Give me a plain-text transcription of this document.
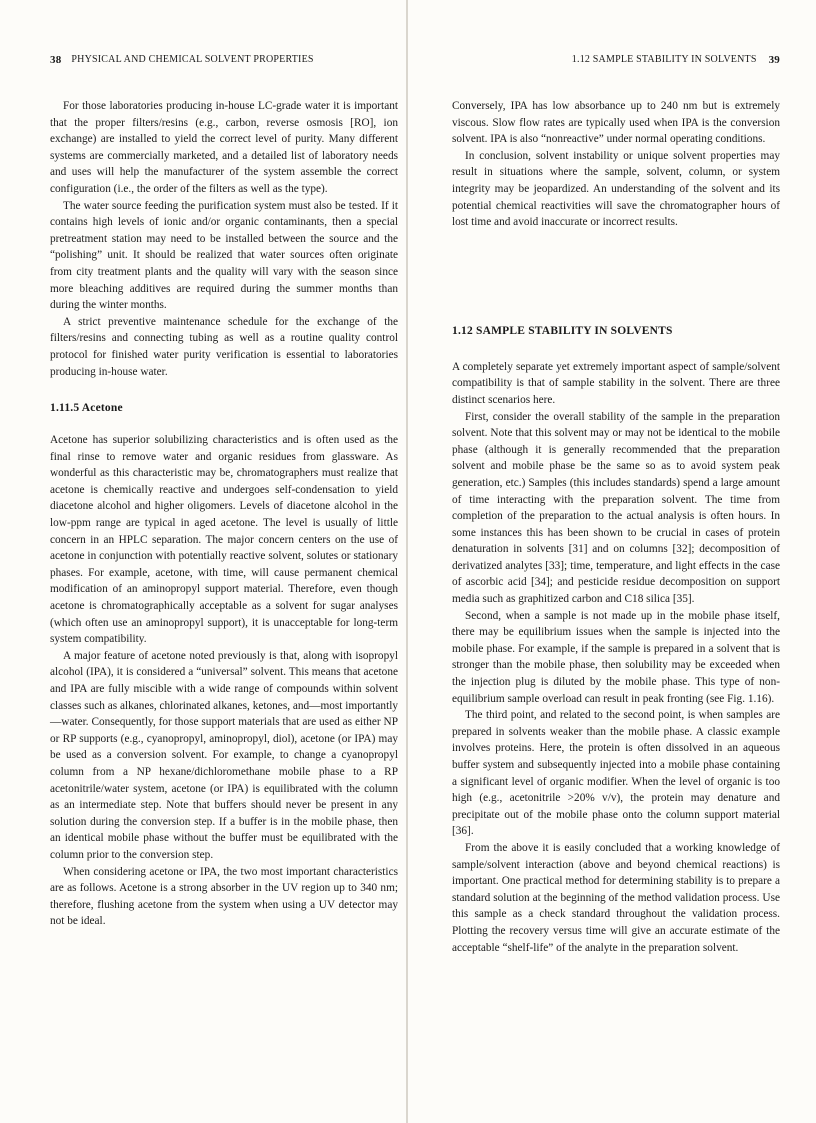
38 PHYSICAL AND CHEMICAL SOLVENT PROPERTIES

For those laboratories producing in-house LC-grade water it is important that the proper filters/resins (e.g., carbon, reverse osmosis [RO], ion exchange) are installed to yield the correct level of purity. Many different systems are commercially marketed, and a detailed list of laboratory needs and uses will help the manufacturer of the system assemble the correct configuration (i.e., the order of the filters as well as the type).

The water source feeding the purification system must also be tested. If it contains high levels of ionic and/or organic contaminants, then a special pretreatment station may need to be installed between the source and the “polishing” unit. It should be realized that water sources often originate from city treatment plants and the quality will vary with the season since more bleaching additives are required during the summer months than during the winter months.

A strict preventive maintenance schedule for the exchange of the filters/resins and connecting tubing as well as a routine quality control protocol for finished water purity verification is essential to laboratories producing in-house water.

1.11.5 Acetone

Acetone has superior solubilizing characteristics and is often used as the final rinse to remove water and organic residues from glassware. As wonderful as this characteristic may be, chromatographers must realize that acetone is chemically reactive and undergoes self-condensation to yield diacetone alcohol and higher oligomers. Levels of diacetone alcohol in the low-ppm range are typical in aged acetone. The level is usually of little concern in an HPLC separation. The major concern centers on the use of acetone in conjunction with potentially reactive solvent, solutes or stationary phases. For example, acetone, with time, will cause permanent chemical modification of an aminopropyl support material. Therefore, even though acetone is chromatographically acceptable as a solvent for sugar analyses (which often use an aminopropyl support), it is unacceptable for long-term system compatibility.

A major feature of acetone noted previously is that, along with isopropyl alcohol (IPA), it is considered a “universal” solvent. This means that acetone and IPA are fully miscible with a wide range of compounds within solvent classes such as alkanes, chlorinated alkanes, ketones, and—most importantly—water. Consequently, for those support materials that are used as either NP or RP supports (e.g., cyanopropyl, aminopropyl, diol), acetone (or IPA) may be used as a conversion solvent. For example, to change a cyanopropyl column from a NP hexane/dichloromethane mobile phase to a RP acetonitrile/water system, acetone (or IPA) is equilibrated with the column as an intermediate step. Note that buffers should never be present in any solution during the conversion step. If a buffer is in the mobile phase, then an identical mobile phase without the buffer must be equilibrated with the column prior to the conversion step.

When considering acetone or IPA, the two most important characteristics are as follows. Acetone is a strong absorber in the UV region up to 340 nm; therefore, flushing acetone from the system when using a UV detector may not be ideal.

1.12 SAMPLE STABILITY IN SOLVENTS 39

Conversely, IPA has low absorbance up to 240 nm but is extremely viscous. Slow flow rates are typically used when IPA is the conversion solvent. IPA is also “nonreactive” under normal operating conditions.

In conclusion, solvent instability or unique solvent properties may result in situations where the sample, solvent, column, or system integrity may be jeopardized. An understanding of the solvent and its potential chemical reactivities will save the chromatographer hours of lost time and avoid inaccurate or incorrect results.

1.12 SAMPLE STABILITY IN SOLVENTS

A completely separate yet extremely important aspect of sample/solvent compatibility is that of sample stability in the solvent. There are three distinct scenarios here.

First, consider the overall stability of the sample in the preparation solvent. Note that this solvent may or may not be identical to the mobile phase (although it is generally recommended that the preparation solvent and mobile phase be the same so as to avoid system peak generation, etc.) Samples (this includes standards) spend a large amount of time interacting with the preparation solvent. The time from completion of the preparation to the actual analysis is often hours. In some instances this has been shown to be crucial in cases of protein denaturation in solvents [31] and on columns [32]; decomposition of derivatized analytes [33]; time, temperature, and light effects in the case of ascorbic acid [34]; and pesticide residue decomposition on support media such as graphitized carbon and C18 silica [35].

Second, when a sample is not made up in the mobile phase itself, there may be equilibrium issues when the sample is injected into the mobile phase. For example, if the sample is prepared in a solvent that is stronger than the mobile phase, then solubility may be exceeded when the injection plug is diluted by the mobile phase. This type of non-equilibrium sample overload can result in peak fronting (see Fig. 1.16).

The third point, and related to the second point, is when samples are prepared in solvents weaker than the mobile phase. A classic example involves proteins. Here, the protein is often dissolved in an aqueous buffer system and subsequently injected into a mobile phase containing a significant level of organic modifier. When the level of organic is too high (e.g., acetonitrile >20% v/v), the protein may denature and precipitate out of the mobile phase onto the column support material [36].

From the above it is easily concluded that a working knowledge of sample/solvent interaction (above and beyond chemical reactions) is important. One practical method for determining stability is to prepare a standard solution at the beginning of the method validation process. Use this sample as a check standard throughout the validation process. Plotting the recovery versus time will give an accurate estimate of the acceptable “shelf-life” of the analyte in the preparation solvent.
